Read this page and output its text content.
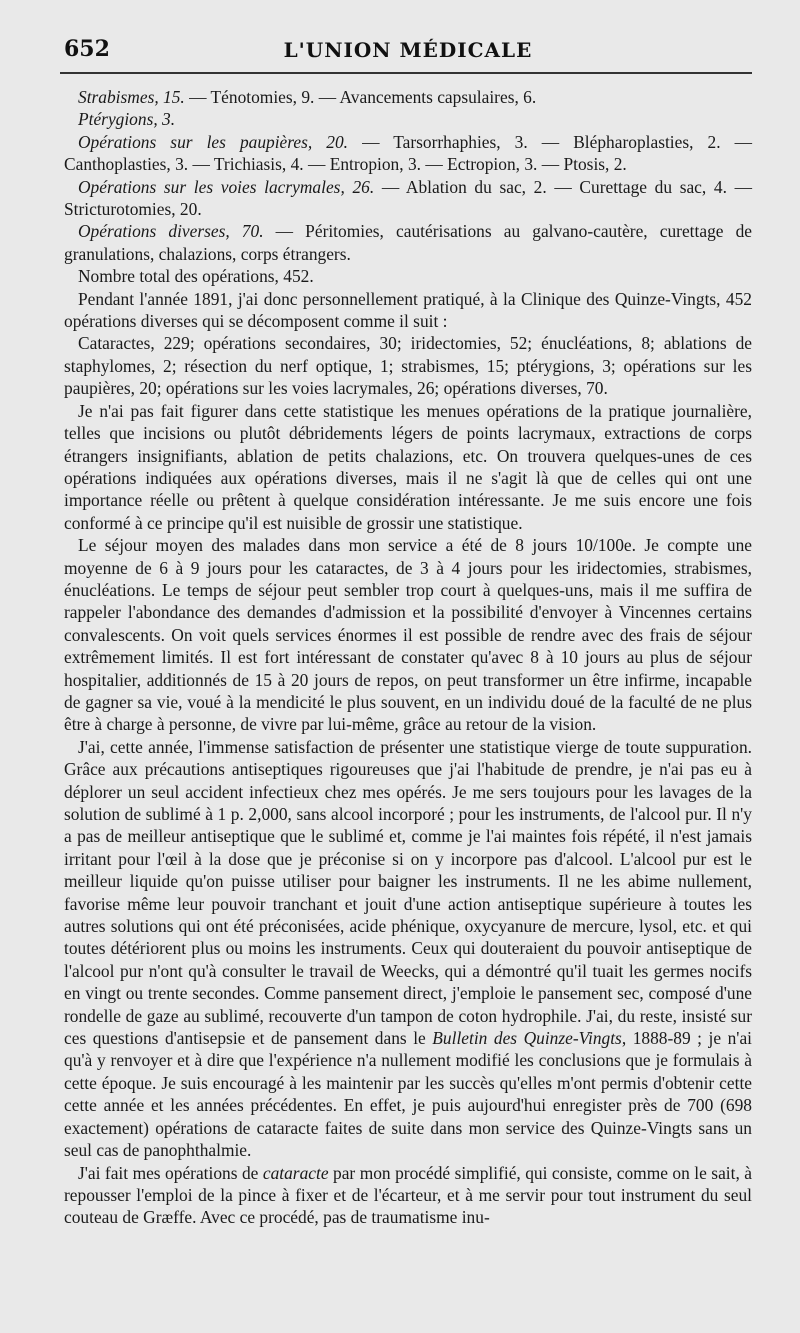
652	L'UNION MÉDICALE

Strabismes, 15. — Ténotomies, 9. — Avancements capsulaires, 6.

Ptérygions, 3.

Opérations sur les paupières, 20. — Tarsorrhaphies, 3. — Blépharoplasties, 2. — Canthoplasties, 3. — Trichiasis, 4. — Entropion, 3. — Ectropion, 3. — Ptosis, 2.

Opérations sur les voies lacrymales, 26. — Ablation du sac, 2. — Curettage du sac, 4. — Stricturotomies, 20.

Opérations diverses, 70. — Péritomies, cautérisations au galvano-cautère, curettage de granulations, chalazions, corps étrangers.

Nombre total des opérations, 452.

Pendant l'année 1891, j'ai donc personnellement pratiqué, à la Clinique des Quinze-Vingts, 452 opérations diverses qui se décomposent comme il suit :

Cataractes, 229; opérations secondaires, 30; iridectomies, 52; énucléations, 8; ablations de staphylomes, 2; résection du nerf optique, 1; strabismes, 15; ptérygions, 3; opérations sur les paupières, 20; opérations sur les voies lacrymales, 26; opérations diverses, 70.

Je n'ai pas fait figurer dans cette statistique les menues opérations de la pratique journalière, telles que incisions ou plutôt débridements légers de points lacrymaux, extractions de corps étrangers insignifiants, ablation de petits chalazions, etc. On trouvera quelques-unes de ces opérations indiquées aux opérations diverses, mais il ne s'agit là que de celles qui ont une importance réelle ou prêtent à quelque considération intéressante. Je me suis encore une fois conformé à ce principe qu'il est nuisible de grossir une statistique.

Le séjour moyen des malades dans mon service a été de 8 jours 10/100e. Je compte une moyenne de 6 à 9 jours pour les cataractes, de 3 à 4 jours pour les iridectomies, strabismes, énucléations. Le temps de séjour peut sembler trop court à quelques-uns, mais il me suffira de rappeler l'abondance des demandes d'admission et la possibilité d'envoyer à Vincennes certains convalescents. On voit quels services énormes il est possible de rendre avec des frais de séjour extrêmement limités. Il est fort intéressant de constater qu'avec 8 à 10 jours au plus de séjour hospitalier, additionnés de 15 à 20 jours de repos, on peut transformer un être infirme, incapable de gagner sa vie, voué à la mendicité le plus souvent, en un individu doué de la faculté de ne plus être à charge à personne, de vivre par lui-même, grâce au retour de la vision.

J'ai, cette année, l'immense satisfaction de présenter une statistique vierge de toute suppuration. Grâce aux précautions antiseptiques rigoureuses que j'ai l'habitude de prendre, je n'ai pas eu à déplorer un seul accident infectieux chez mes opérés. Je me sers toujours pour les lavages de la solution de sublimé à 1 p. 2,000, sans alcool incorporé ; pour les instruments, de l'alcool pur. Il n'y a pas de meilleur antiseptique que le sublimé et, comme je l'ai maintes fois répété, il n'est jamais irritant pour l'œil à la dose que je préconise si on y incorpore pas d'alcool. L'alcool pur est le meilleur liquide qu'on puisse utiliser pour baigner les instruments. Il ne les abime nullement, favorise même leur pouvoir tranchant et jouit d'une action antiseptique supérieure à toutes les autres solutions qui ont été préconisées, acide phénique, oxycyanure de mercure, lysol, etc. et qui toutes détériorent plus ou moins les instruments. Ceux qui douteraient du pouvoir antiseptique de l'alcool pur n'ont qu'à consulter le travail de Weecks, qui a démontré qu'il tuait les germes nocifs en vingt ou trente secondes. Comme pansement direct, j'emploie le pansement sec, composé d'une rondelle de gaze au sublimé, recouverte d'un tampon de coton hydrophile. J'ai, du reste, insisté sur ces questions d'antisepsie et de pansement dans le Bulletin des Quinze-Vingts, 1888-89 ; je n'ai qu'à y renvoyer et à dire que l'expérience n'a nullement modifié les conclusions que je formulais à cette époque. Je suis encouragé à les maintenir par les succès qu'elles m'ont permis d'obtenir cette cette année et les années précédentes. En effet, je puis aujourd'hui enregister près de 700 (698 exactement) opérations de cataracte faites de suite dans mon service des Quinze-Vingts sans un seul cas de panophthalmie.

J'ai fait mes opérations de cataracte par mon procédé simplifié, qui consiste, comme on le sait, à repousser l'emploi de la pince à fixer et de l'écarteur, et à me servir pour tout instrument du seul couteau de Græffe. Avec ce procédé, pas de traumatisme inu-
